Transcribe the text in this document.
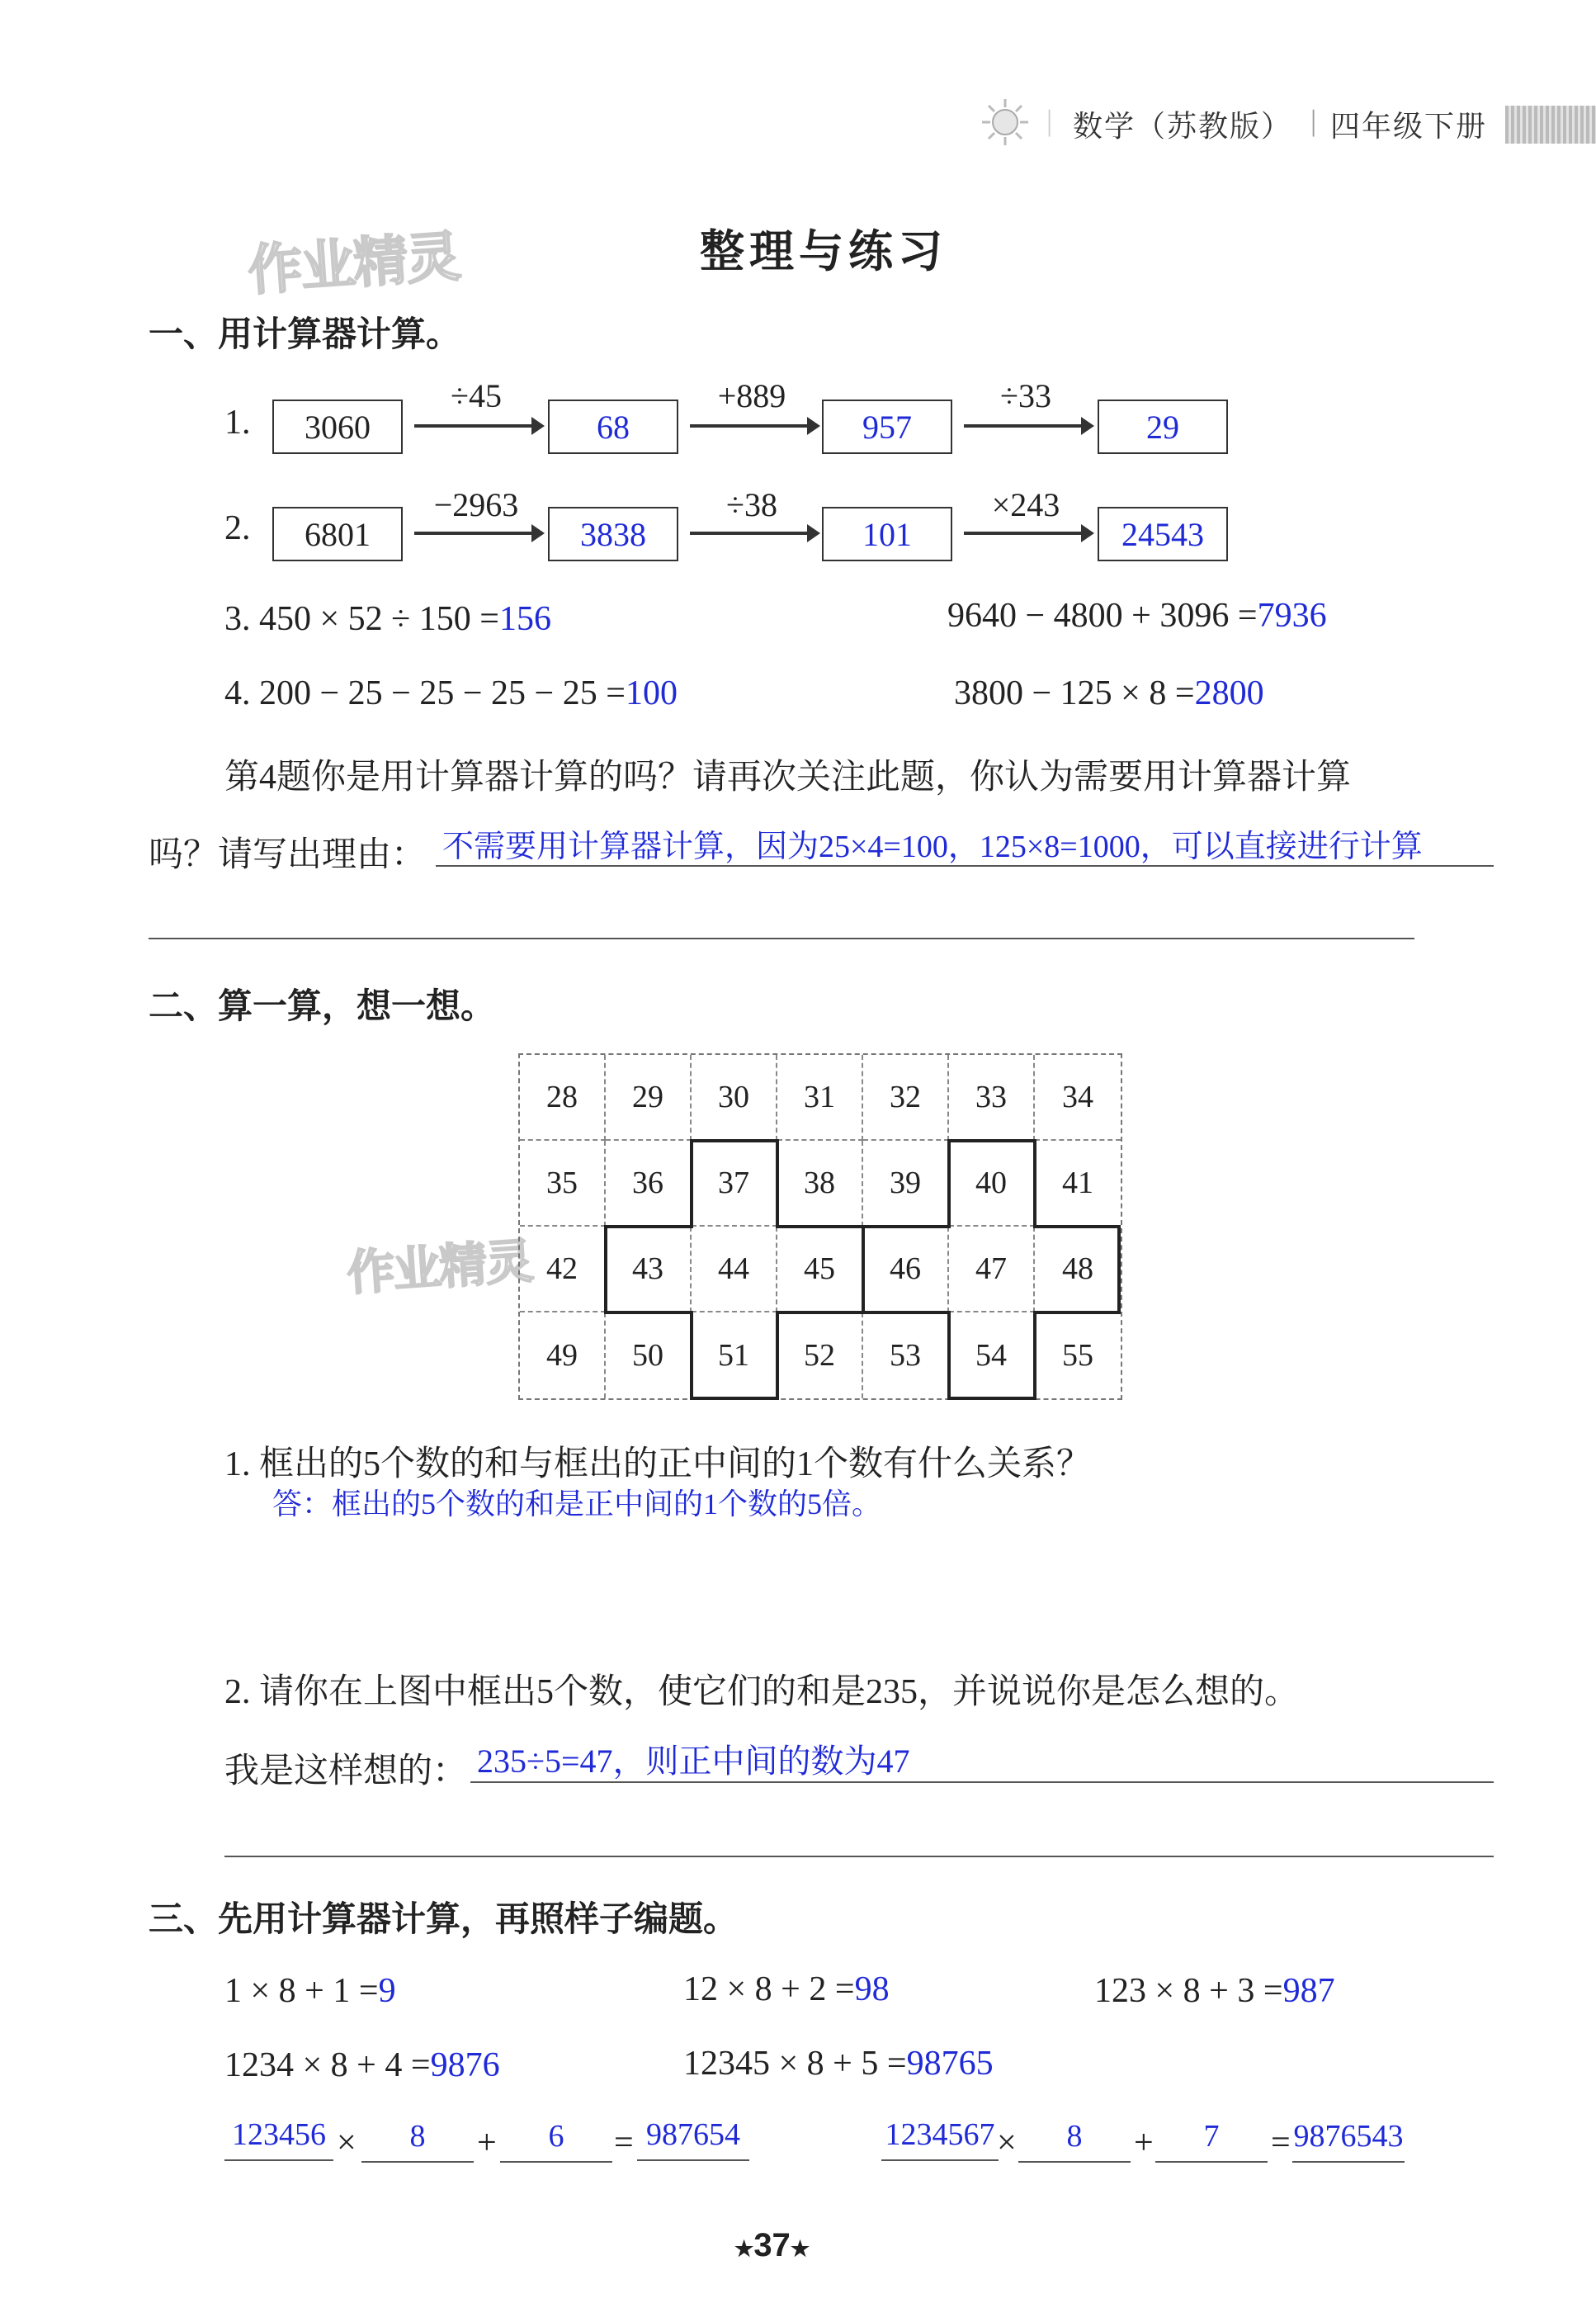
| 数学（苏教版） | 四年级下册
作业精灵
作业精灵
整理与练习
一、用计算器计算。
1. 3060
÷45
68
+889
957
÷33
29
2. 6801
−2963
3838
÷38
101
×243
24543
3. 450 × 52 ÷ 150 =156	9640 − 4800 + 3096 =7936
4. 200 − 25 − 25 − 25 − 25 =100	3800 − 125 × 8 =2800
第4题你是用计算器计算的吗？请再次关注此题，你认为需要用计算器计算
吗？请写出理由： 不需要用计算器计算，因为25×4=100，125×8=1000，可以直接进行计算
二、算一算，想一想。
28	29	30	31	32	33	34
35	36	37	38	39	40	41
42	43	44	45	46	47	48
49	50	51	52	53	54	55
1. 框出的5个数的和与框出的正中间的1个数有什么关系？
答：框出的5个数的和是正中间的1个数的5倍。
2. 请你在上图中框出5个数，使它们的和是235，并说说你是怎么想的。
我是这样想的： 235÷5=47，则正中间的数为47
三、先用计算器计算，再照样子编题。
1 × 8 + 1 =9	12 × 8 + 2 =98	123 × 8 + 3 =987
1234 × 8 + 4 =9876	12345 × 8 + 5 =98765
123456 ×	8	+	6	= 987654	1234567 ×	8	+	7	= 9876543
★37★
